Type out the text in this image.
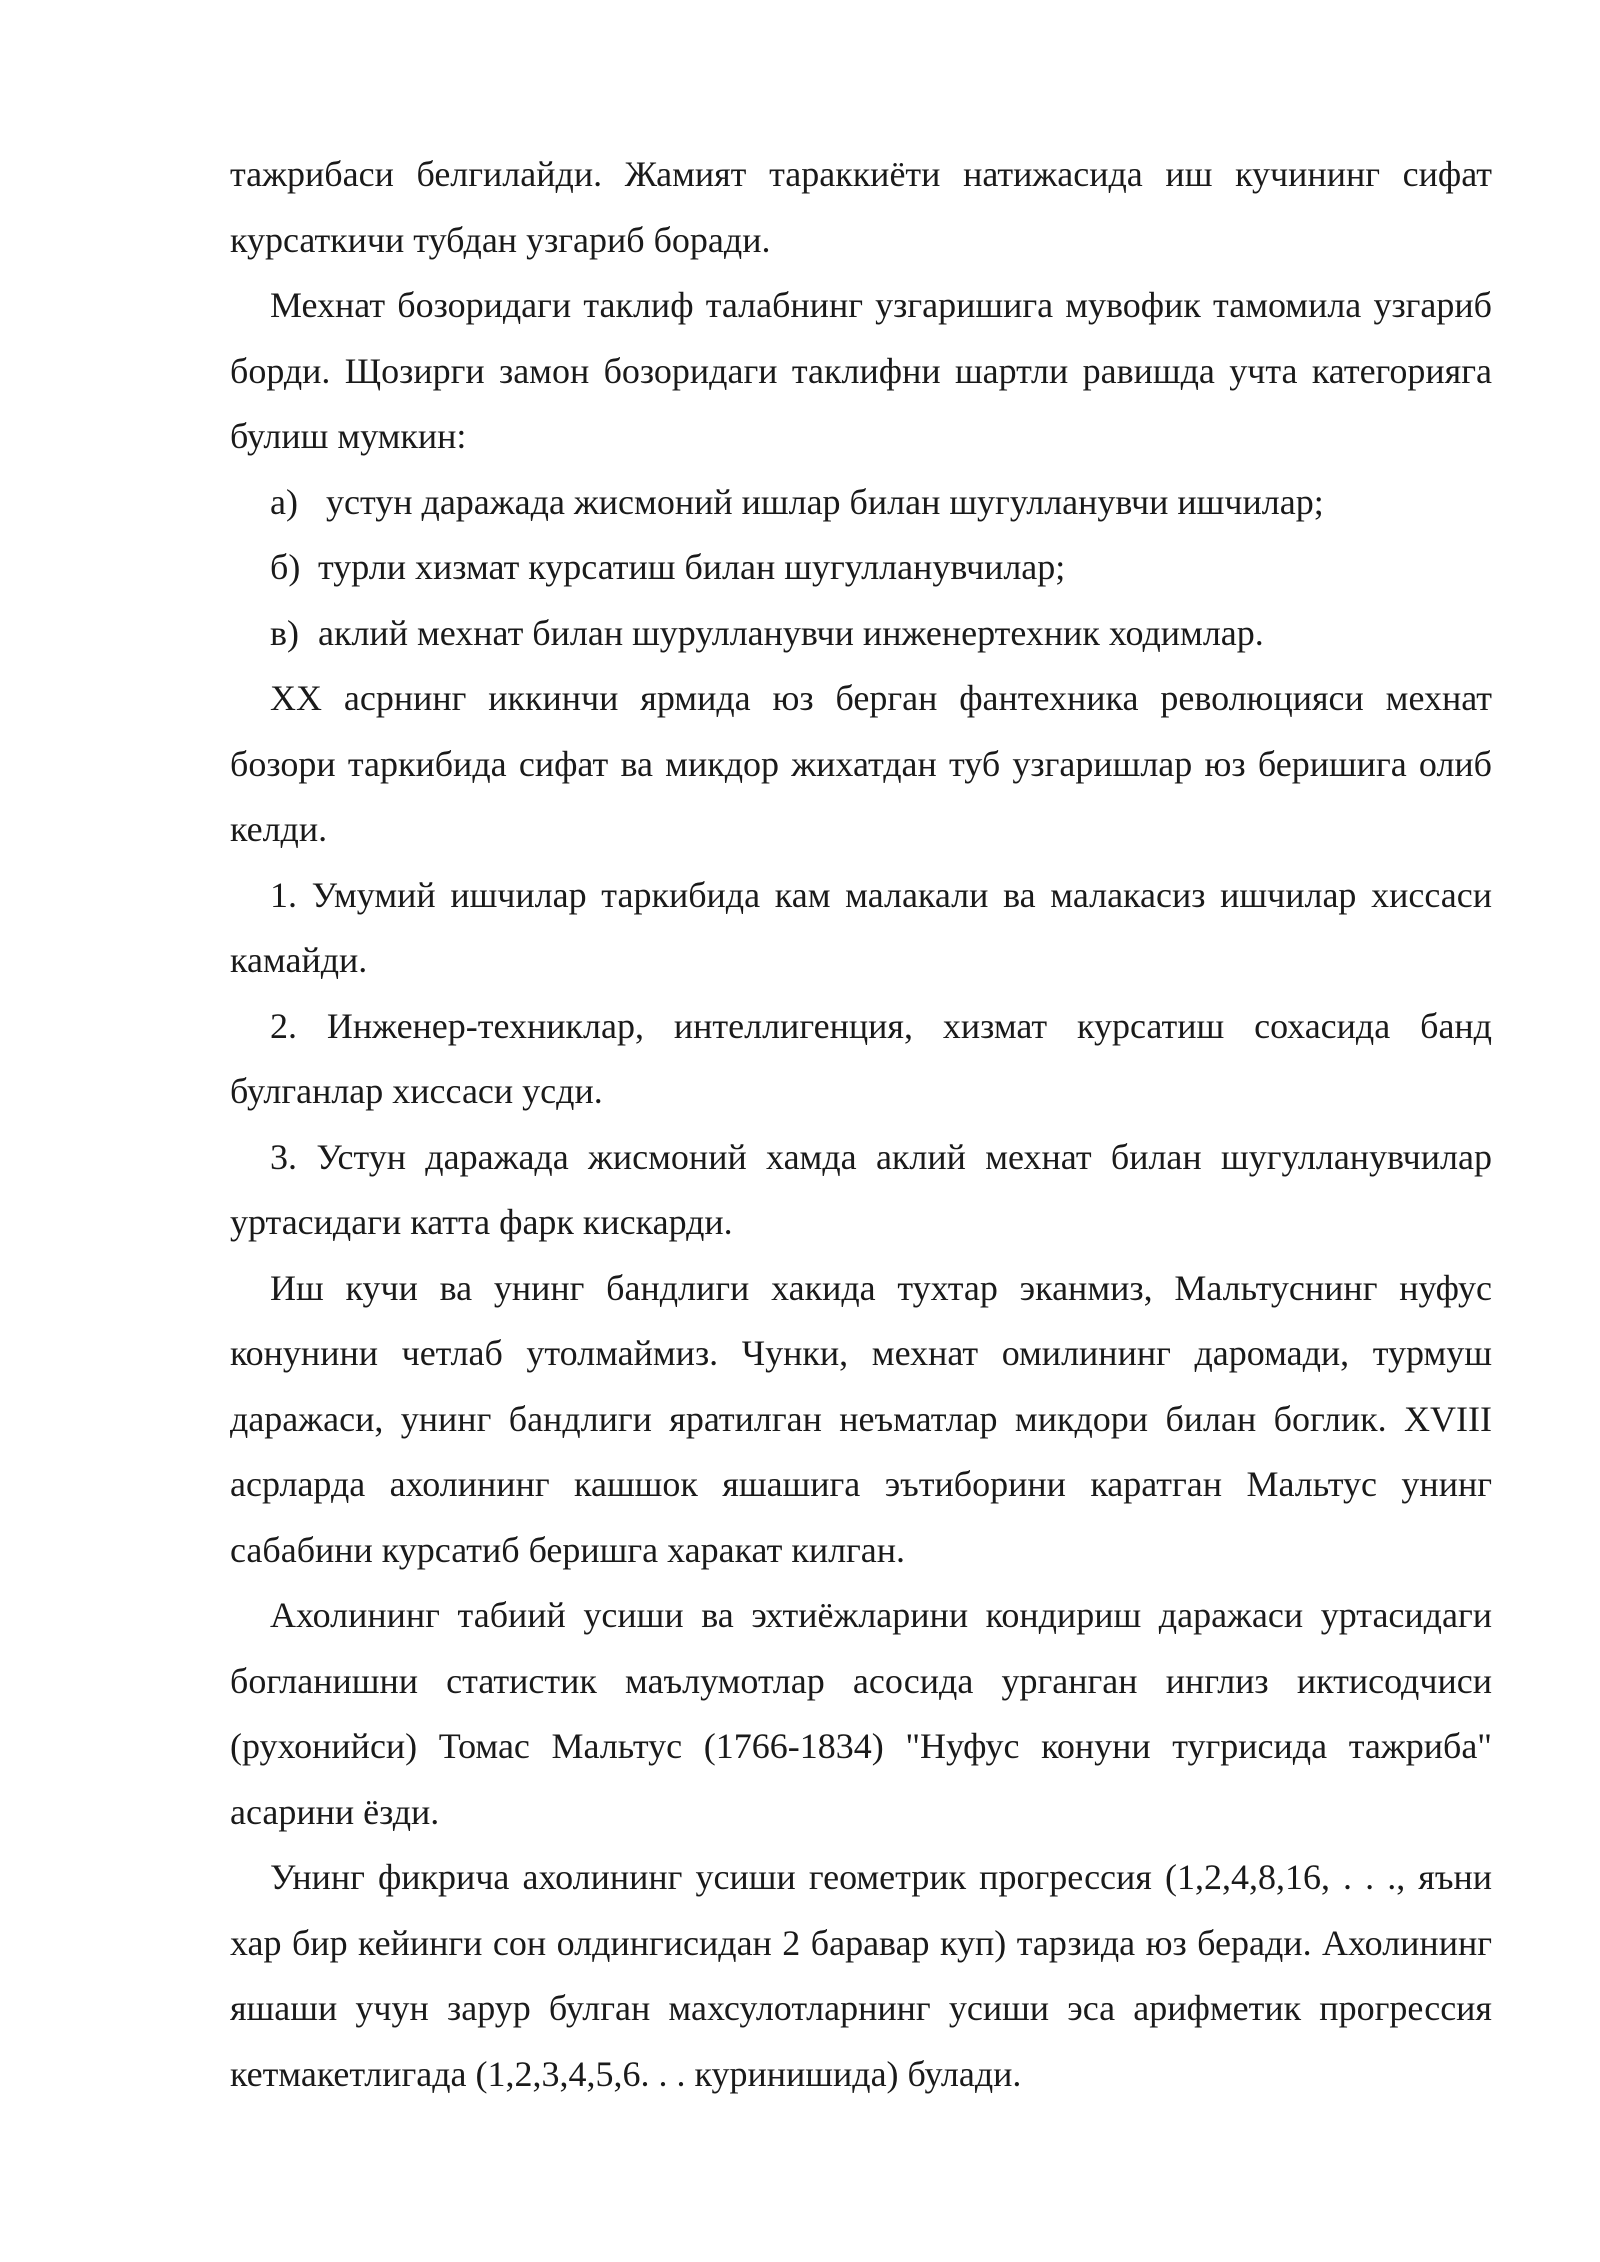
тажрибаси белгилайди. Жамият тараккиёти натижасида иш кучининг сифат курсаткичи тубдан узгариб боради.

Мехнат бозоридаги таклиф талабнинг узгаришига мувофик тамомила узгариб борди. Щозирги замон бозоридаги таклифни шартли равишда учта категорияга булиш мумкин:

а) устун даражада жисмоний ишлар билан шугулланувчи ишчилар;
б) турли хизмат курсатиш билан шугулланувчилар;
в) аклий мехнат билан шурулланувчи инженертехник ходимлар.

XX асрнинг иккинчи ярмида юз берган фантехника революцияси мехнат бозори таркибида сифат ва микдор жихатдан туб узгаришлар юз беришига олиб келди.

1. Умумий ишчилар таркибида кам малакали ва малакасиз ишчилар хиссаси камайди.

2. Инженер-техниклар, интеллигенция, хизмат курсатиш сохасида банд булганлар хиссаси усди.

3. Устун даражада жисмоний хамда аклий мехнат билан шугулланувчилар уртасидаги катта фарк кискарди.

Иш кучи ва унинг бандлиги хакида тухтар эканмиз, Мальтуснинг нуфус конунини четлаб утолмаймиз. Чунки, мехнат омилининг даромади, турмуш даражаси, унинг бандлиги яратилган неъматлар микдори билан боглик. XVIII асрларда ахолининг кашшок яшашига эътиборини каратган Мальтус унинг сабабини курсатиб беришга харакат килган.

Ахолининг табиий усиши ва эхтиёжларини кондириш даражаси уртасидаги богланишни статистик маълумотлар асосида урганган инглиз иктисодчиси (рухонийси) Томас Мальтус (1766-1834) "Нуфус конуни тугрисида тажриба" асарини ёзди.

Унинг фикрича ахолининг усиши геометрик прогрессия (1,2,4,8,16, . . ., яъни хар бир кейинги сон олдингисидан 2 баравар куп) тарзида юз беради. Ахолининг яшаши учун зарур булган махсулотларнинг усиши эса арифметик прогрессия кетмакетлигада (1,2,3,4,5,6. . . куринишида) булади.
